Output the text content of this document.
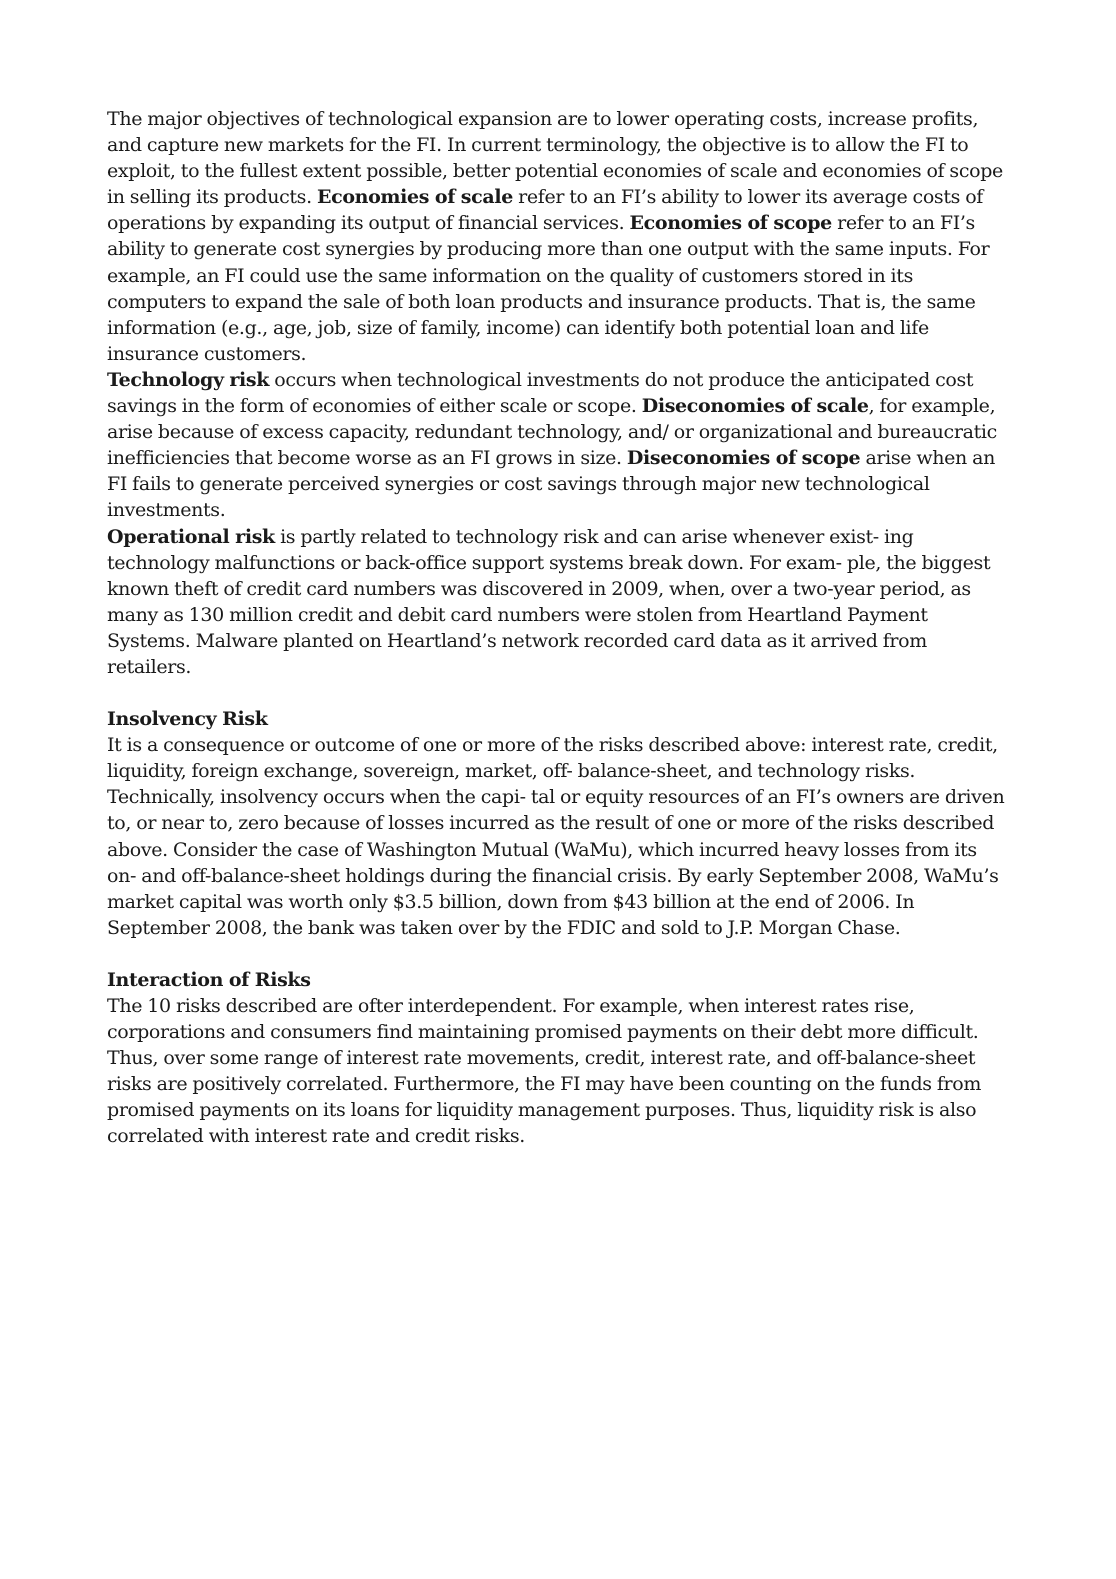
The major objectives of technological expansion are to lower operating costs, increase profits, and capture new markets for the FI. In current terminology, the objective is to allow the FI to exploit, to the fullest extent possible, better potential economies of scale and economies of scope in selling its products. Economies of scale refer to an FI’s ability to lower its average costs of operations by expanding its output of financial services. Economies of scope refer to an FI’s ability to generate cost synergies by producing more than one output with the same inputs. For example, an FI could use the same information on the quality of customers stored in its computers to expand the sale of both loan products and insurance products. That is, the same information (e.g., age, job, size of family, income) can identify both potential loan and life insurance customers.

Technology risk occurs when technological investments do not produce the anticipated cost savings in the form of economies of either scale or scope. Diseconomies of scale, for example, arise because of excess capacity, redundant technology, and/ or organizational and bureaucratic inefficiencies that become worse as an FI grows in size. Diseconomies of scope arise when an FI fails to generate perceived synergies or cost savings through major new technological investments.

Operational risk is partly related to technology risk and can arise whenever exist- ing technology malfunctions or back-office support systems break down. For exam- ple, the biggest known theft of credit card numbers was discovered in 2009, when, over a two-year period, as many as 130 million credit and debit card numbers were stolen from Heartland Payment Systems. Malware planted on Heartland’s network recorded card data as it arrived from retailers.

Insolvency Risk

It is a consequence or outcome of one or more of the risks described above: interest rate, credit, liquidity, foreign exchange, sovereign, market, off- balance-sheet, and technology risks. Technically, insolvency occurs when the capi- tal or equity resources of an FI’s owners are driven to, or near to, zero because of losses incurred as the result of one or more of the risks described above. Consider the case of Washington Mutual (WaMu), which incurred heavy losses from its on- and off-balance-sheet holdings during the financial crisis. By early September 2008, WaMu’s market capital was worth only $3.5 billion, down from $43 billion at the end of 2006. In September 2008, the bank was taken over by the FDIC and sold to J.P. Morgan Chase.

Interaction of Risks

The 10 risks described are ofter interdependent. For example, when interest rates rise, corporations and consumers find maintaining promised payments on their debt more difficult. Thus, over some range of interest rate movements, credit, interest rate, and off-balance-sheet risks are positively correlated. Furthermore, the FI may have been counting on the funds from promised payments on its loans for liquidity management purposes. Thus, liquidity risk is also correlated with interest rate and credit risks.
